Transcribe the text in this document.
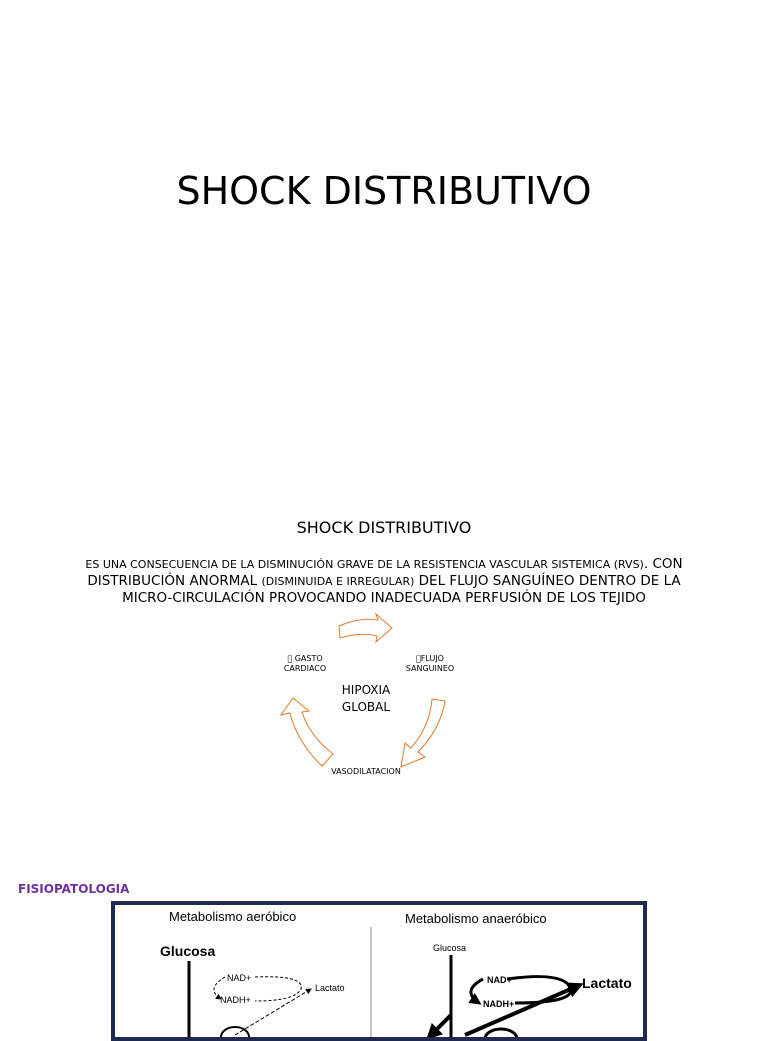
SHOCK DISTRIBUTIVO
SHOCK DISTRIBUTIVO
ES UNA CONSECUENCIA DE LA DISMINUCIÓN GRAVE DE LA RESISTENCIA VASCULAR SISTEMICA (RVS). CON DISTRIBUCIÓN ANORMAL (DISMINUIDA E IRREGULAR) DEL FLUJO SANGUÍNEO DENTRO DE LA MICRO-CIRCULACIÓN PROVOCANDO INADECUADA PERFUSIÓN DE LOS TEJIDO
GASTO
CARDIACO
FLUJO
SANGUINEO
VASODILATACION
HIPOXIA
GLOBAL
FISIOPATOLOGIA
Metabolismo aeróbico	Metabolismo anaeróbico
Glucosa
NAD+
NADH+
Lactato
Glucosa
NAD+
NADH+
Lactato
